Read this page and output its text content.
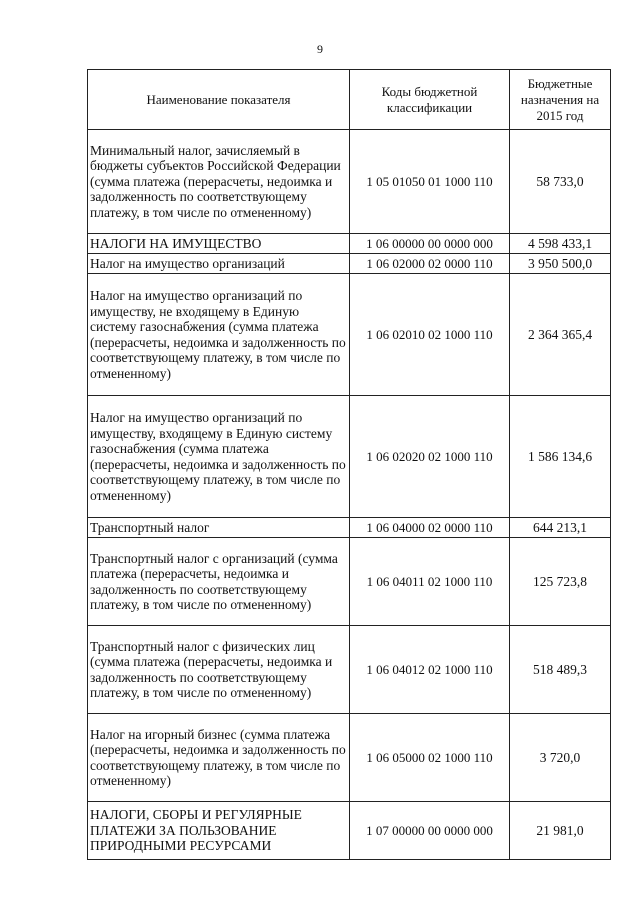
9
Наименование показателя	Коды бюджетной классификации	Бюджетные назначения на 2015 год
Минимальный налог, зачисляемый в бюджеты субъектов Российской Федерации (сумма платежа (перерасчеты, недоимка и задолженность по соответствующему платежу, в том числе по отмененному)	1 05 01050 01 1000 110	58 733,0
НАЛОГИ НА ИМУЩЕСТВО	1 06 00000 00 0000 000	4 598 433,1
Налог на имущество организаций	1 06 02000 02 0000 110	3 950 500,0
Налог на имущество организаций по имуществу, не входящему в Единую систему газоснабжения (сумма платежа (перерасчеты, недоимка и задолженность по соответствующему платежу, в том числе по отмененному)	1 06 02010 02 1000 110	2 364 365,4
Налог на имущество организаций по имуществу, входящему в Единую систему газоснабжения (сумма платежа (перерасчеты, недоимка и задолженность по соответствующему платежу, в том числе по отмененному)	1 06 02020 02 1000 110	1 586 134,6
Транспортный налог	1 06 04000 02 0000 110	644 213,1
Транспортный налог с организаций (сумма платежа (перерасчеты, недоимка и задолженность по соответствующему платежу, в том числе по отмененному)	1 06 04011 02 1000 110	125 723,8
Транспортный налог с физических лиц (сумма платежа (перерасчеты, недоимка и задолженность по соответствующему платежу, в том числе по отмененному)	1 06 04012 02 1000 110	518 489,3
Налог на игорный бизнес (сумма платежа (перерасчеты, недоимка и задолженность по соответствующему платежу, в том числе по отмененному)	1 06 05000 02 1000 110	3 720,0
НАЛОГИ, СБОРЫ И РЕГУЛЯРНЫЕ ПЛАТЕЖИ ЗА ПОЛЬЗОВАНИЕ ПРИРОДНЫМИ РЕСУРСАМИ	1 07 00000 00 0000 000	21 981,0
